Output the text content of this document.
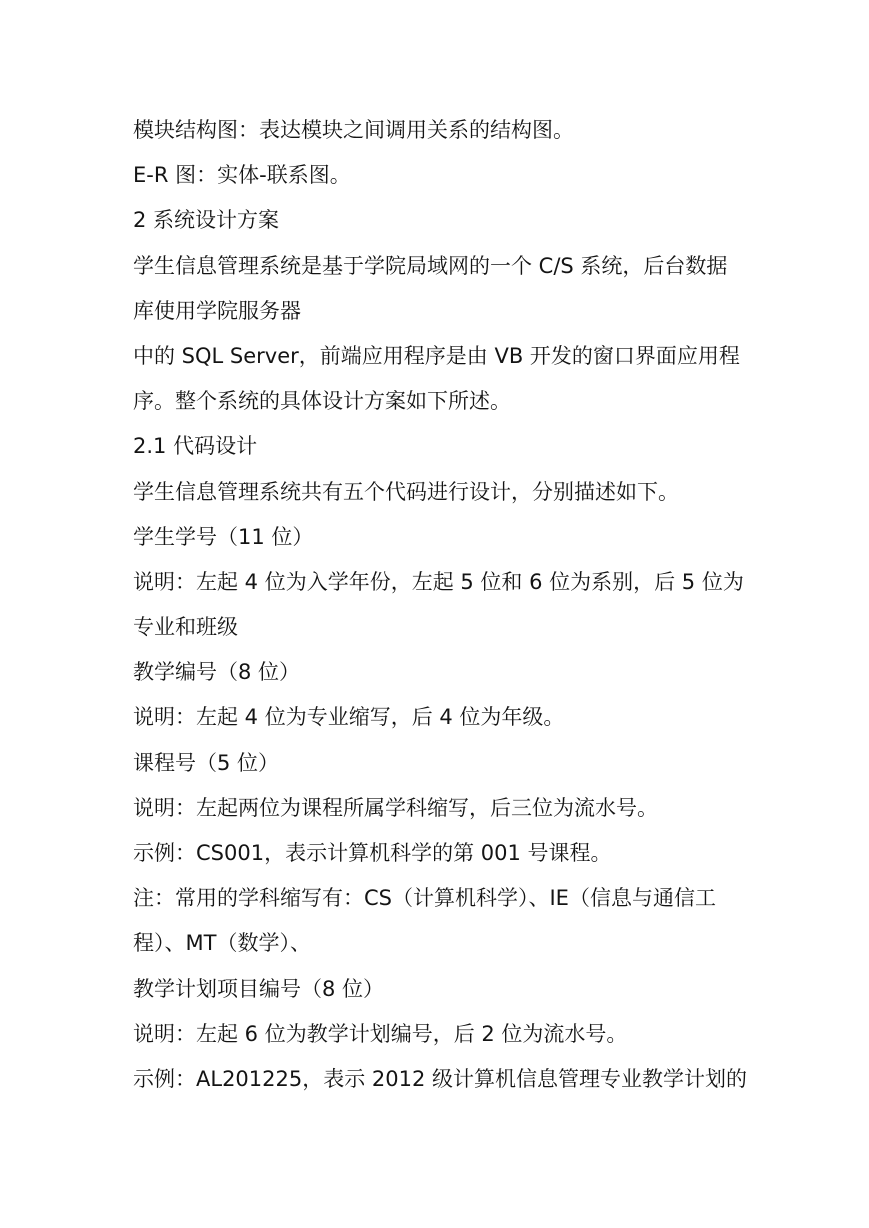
模块结构图：表达模块之间调用关系的结构图。
E-R 图：实体-联系图。
2 系统设计方案
学生信息管理系统是基于学院局域网的一个 C/S 系统，后台数据
库使用学院服务器
中的 SQL Server，前端应用程序是由 VB 开发的窗口界面应用程
序。整个系统的具体设计方案如下所述。
2.1 代码设计
学生信息管理系统共有五个代码进行设计，分别描述如下。
学生学号（11 位）
说明：左起 4 位为入学年份，左起 5 位和 6 位为系别，后 5 位为
专业和班级
教学编号（8 位）
说明：左起 4 位为专业缩写，后 4 位为年级。
课程号（5 位）
说明：左起两位为课程所属学科缩写，后三位为流水号。
示例：CS001，表示计算机科学的第 001 号课程。
注：常用的学科缩写有：CS（计算机科学）、IE（信息与通信工
程）、MT（数学）、
教学计划项目编号（8 位）
说明：左起 6 位为教学计划编号，后 2 位为流水号。
示例：AL201225，表示 2012 级计算机信息管理专业教学计划的
